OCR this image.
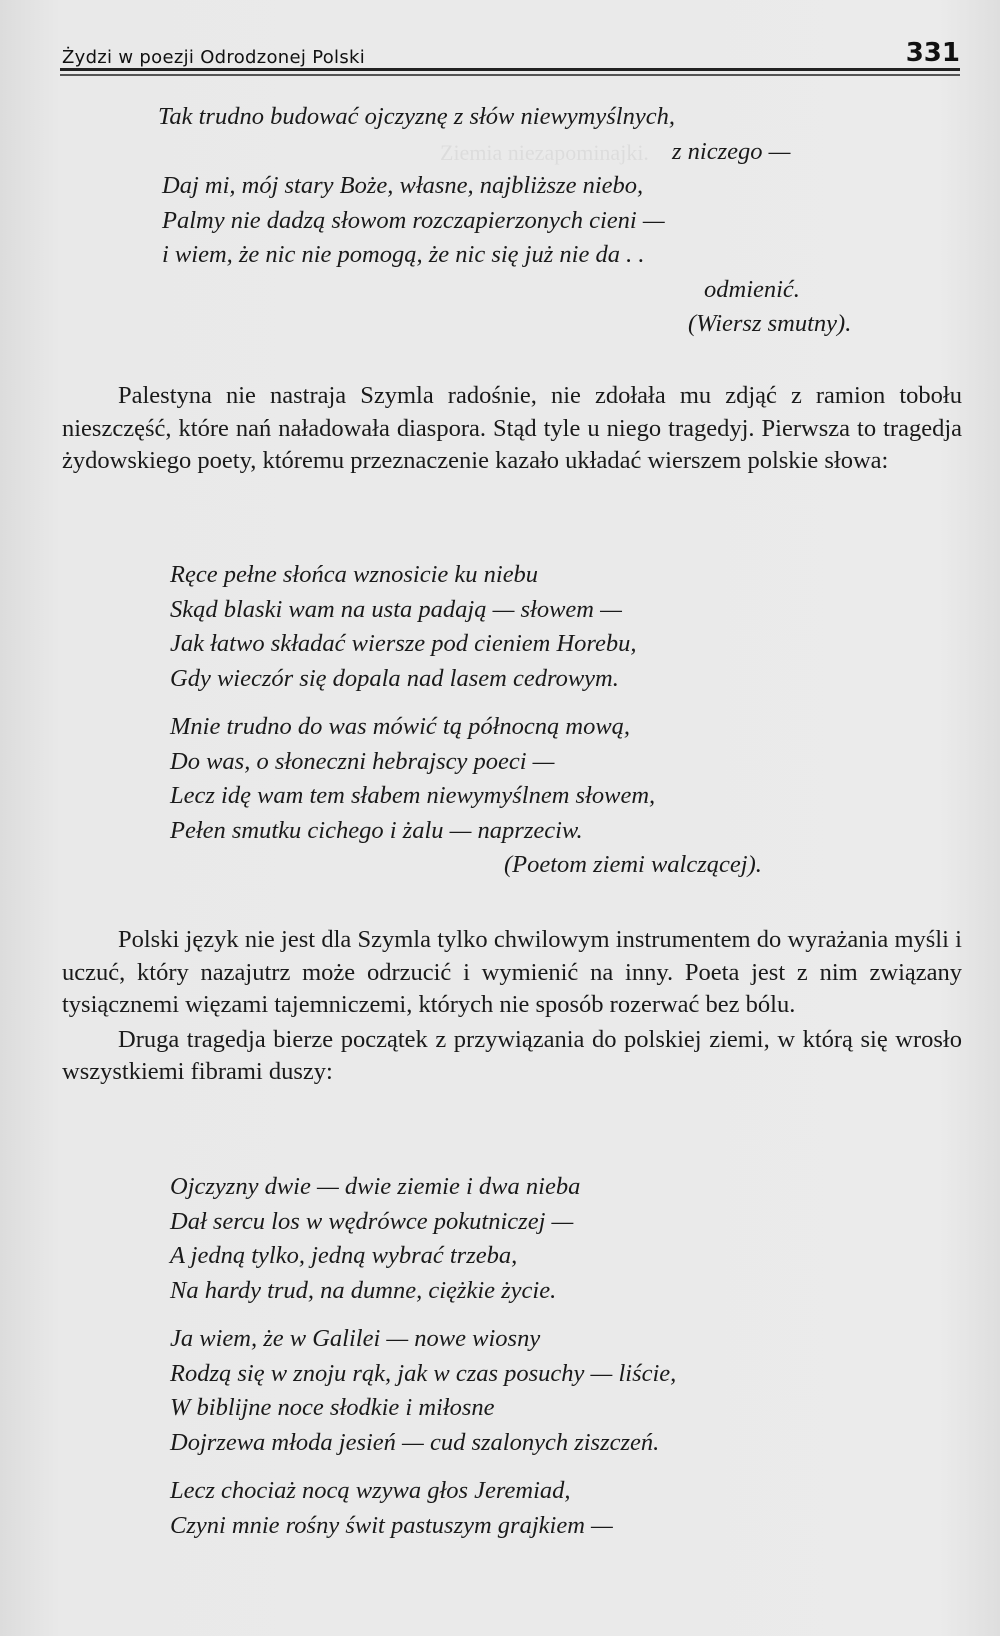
Ziemia niezapominajki.
Żydzi w poezji Odrodzonej Polski	331
Tak trudno budować ojczyznę z słów niewymyślnych,
z niczego —
Daj mi, mój stary Boże, własne, najbliższe niebo,
Palmy nie dadzą słowom rozczapierzonych cieni —
i wiem, że nic nie pomogą, że nic się już nie da . .
odmienić.
(Wiersz smutny).

Palestyna nie nastraja Szymla radośnie, nie zdołała mu zdjąć z ramion tobołu nieszczęść, które nań naładowała diaspora. Stąd tyle u niego tragedyj. Pierwsza to tragedja żydowskiego poety, któremu przeznaczenie kazało układać wierszem polskie słowa:

Ręce pełne słońca wznosicie ku niebu
Skąd blaski wam na usta padają — słowem —
Jak łatwo składać wiersze pod cieniem Horebu,
Gdy wieczór się dopala nad lasem cedrowym.
Mnie trudno do was mówić tą północną mową,
Do was, o słoneczni hebrajscy poeci —
Lecz idę wam tem słabem niewymyślnem słowem,
Pełen smutku cichego i żalu — naprzeciw.
(Poetom ziemi walczącej).

Polski język nie jest dla Szymla tylko chwilowym instrumentem do wyrażania myśli i uczuć, który nazajutrz może odrzucić i wymienić na inny. Poeta jest z nim związany tysiącznemi więzami tajemniczemi, których nie sposób rozerwać bez bólu.

Druga tragedja bierze początek z przywiązania do polskiej ziemi, w którą się wrosło wszystkiemi fibrami duszy:

Ojczyzny dwie — dwie ziemie i dwa nieba
Dał sercu los w wędrówce pokutniczej —
A jedną tylko, jedną wybrać trzeba,
Na hardy trud, na dumne, ciężkie życie.
Ja wiem, że w Galilei — nowe wiosny
Rodzą się w znoju rąk, jak w czas posuchy — liście,
W biblijne noce słodkie i miłosne
Dojrzewa młoda jesień — cud szalonych ziszczeń.
Lecz chociaż nocą wzywa głos Jeremiad,
Czyni mnie rośny świt pastuszym grajkiem —
